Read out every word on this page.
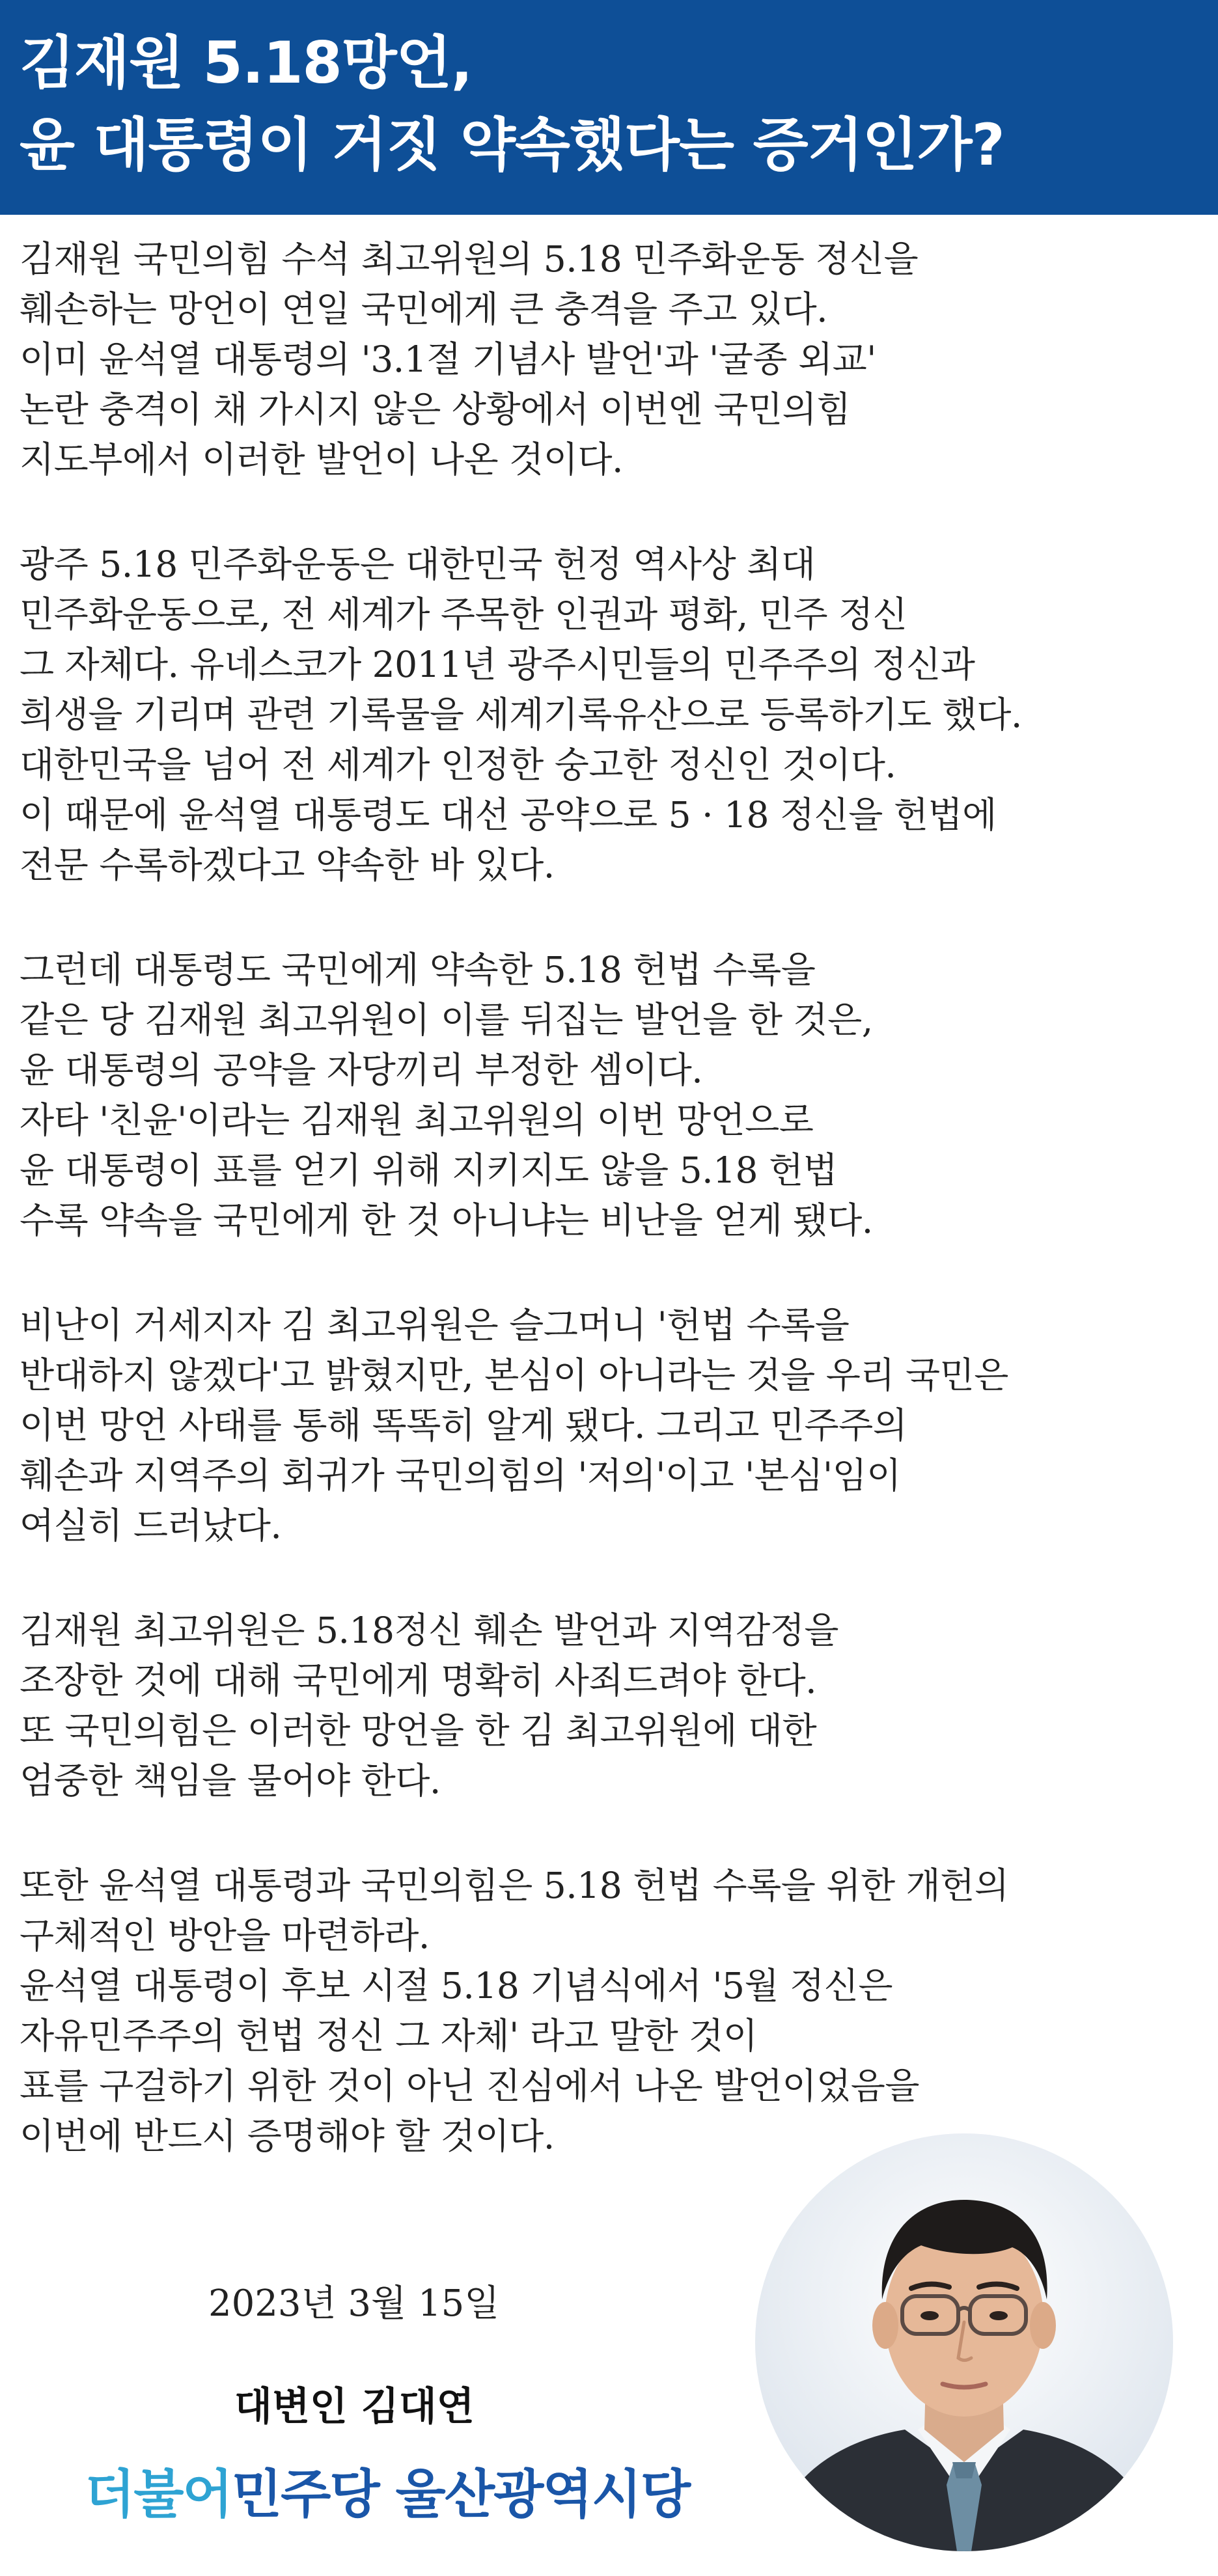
김재원 5.18망언,
윤 대통령이 거짓 약속했다는 증거인가?
김재원 국민의힘 수석 최고위원의 5.18 민주화운동 정신을
훼손하는 망언이 연일 국민에게 큰 충격을 주고 있다.
이미 윤석열 대통령의 '3.1절 기념사 발언'과 '굴종 외교'
논란 충격이 채 가시지 않은 상황에서 이번엔 국민의힘
지도부에서 이러한 발언이 나온 것이다.
광주 5.18 민주화운동은 대한민국 헌정 역사상 최대
민주화운동으로, 전 세계가 주목한 인권과 평화, 민주 정신
그 자체다. 유네스코가 2011년 광주시민들의 민주주의 정신과
희생을 기리며 관련 기록물을 세계기록유산으로 등록하기도 했다.
대한민국을 넘어 전 세계가 인정한 숭고한 정신인 것이다.
이 때문에 윤석열 대통령도 대선 공약으로 5 · 18 정신을 헌법에
전문 수록하겠다고 약속한 바 있다.
그런데 대통령도 국민에게 약속한 5.18 헌법 수록을
같은 당 김재원 최고위원이 이를 뒤집는 발언을 한 것은,
윤 대통령의 공약을 자당끼리 부정한 셈이다.
자타 '친윤'이라는 김재원 최고위원의 이번 망언으로
윤 대통령이 표를 얻기 위해 지키지도 않을 5.18 헌법
수록 약속을 국민에게 한 것 아니냐는 비난을 얻게 됐다.
비난이 거세지자 김 최고위원은 슬그머니 '헌법 수록을
반대하지 않겠다'고 밝혔지만, 본심이 아니라는 것을 우리 국민은
이번 망언 사태를 통해 똑똑히 알게 됐다. 그리고 민주주의
훼손과 지역주의 회귀가 국민의힘의 '저의'이고 '본심'임이
여실히 드러났다.
김재원 최고위원은 5.18정신 훼손 발언과 지역감정을
조장한 것에 대해 국민에게 명확히 사죄드려야 한다.
또 국민의힘은 이러한 망언을 한 김 최고위원에 대한
엄중한 책임을 물어야 한다.
또한 윤석열 대통령과 국민의힘은 5.18 헌법 수록을 위한 개헌의
구체적인 방안을 마련하라.
윤석열 대통령이 후보 시절 5.18 기념식에서 '5월 정신은
자유민주주의 헌법 정신 그 자체' 라고 말한 것이
표를 구걸하기 위한 것이 아닌 진심에서 나온 발언이었음을
이번에 반드시 증명해야 할 것이다.
2023년 3월 15일
대변인 김대연
더불어민주당 울산광역시당
